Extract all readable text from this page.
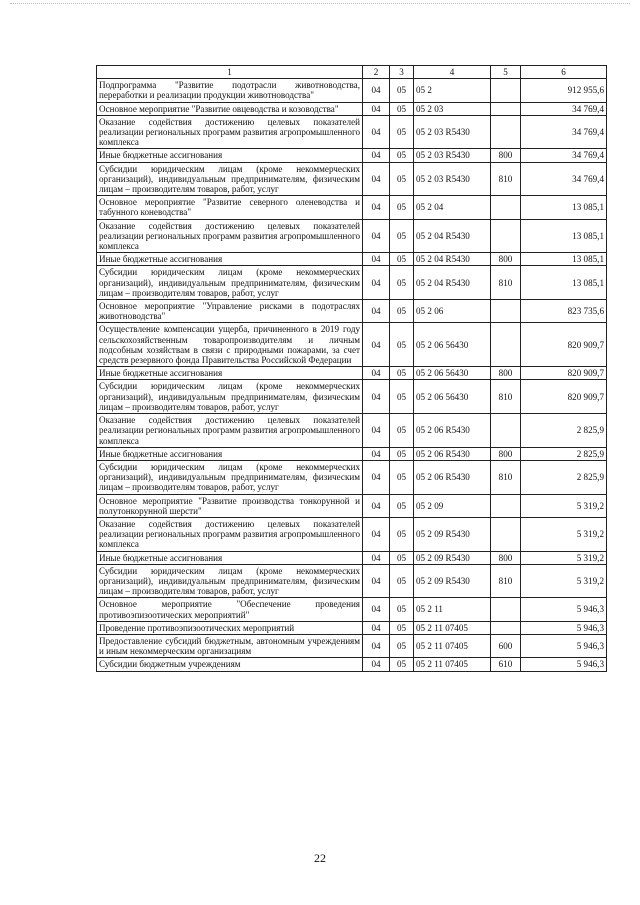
1	2	3	4	5	6
Подпрограмма "Развитие подотрасли животноводства, переработки и реализации продукции животноводства"	04	05	05 2		912 955,6
Основное мероприятие "Развитие овцеводства и козоводства"	04	05	05 2 03		34 769,4
Оказание содействия достижению целевых показателей реализации региональных программ развития агропромышленного комплекса	04	05	05 2 03 R5430		34 769,4
Иные бюджетные ассигнования	04	05	05 2 03 R5430	800	34 769,4
Субсидии юридическим лицам (кроме некоммерческих организаций), индивидуальным предпринимателям, физическим лицам – производителям товаров, работ, услуг	04	05	05 2 03 R5430	810	34 769,4
Основное мероприятие "Развитие северного оленеводства и табунного коневодства"	04	05	05 2 04		13 085,1
Оказание содействия достижению целевых показателей реализации региональных программ развития агропромышленного комплекса	04	05	05 2 04 R5430		13 085,1
Иные бюджетные ассигнования	04	05	05 2 04 R5430	800	13 085,1
Субсидии юридическим лицам (кроме некоммерческих организаций), индивидуальным предпринимателям, физическим лицам – производителям товаров, работ, услуг	04	05	05 2 04 R5430	810	13 085,1
Основное мероприятие "Управление рисками в подотраслях животноводства"	04	05	05 2 06		823 735,6
Осуществление компенсации ущерба, причиненного в 2019 году сельскохозяйственным товаропроизводителям и личным подсобным хозяйствам в связи с природными пожарами, за счет средств резервного фонда Правительства Российской Федерации	04	05	05 2 06 56430		820 909,7
Иные бюджетные ассигнования	04	05	05 2 06 56430	800	820 909,7
Субсидии юридическим лицам (кроме некоммерческих организаций), индивидуальным предпринимателям, физическим лицам – производителям товаров, работ, услуг	04	05	05 2 06 56430	810	820 909,7
Оказание содействия достижению целевых показателей реализации региональных программ развития агропромышленного комплекса	04	05	05 2 06 R5430		2 825,9
Иные бюджетные ассигнования	04	05	05 2 06 R5430	800	2 825,9
Субсидии юридическим лицам (кроме некоммерческих организаций), индивидуальным предпринимателям, физическим лицам – производителям товаров, работ, услуг	04	05	05 2 06 R5430	810	2 825,9
Основное мероприятие "Развитие производства тонкорунной и полутонкорунной шерсти"	04	05	05 2 09		5 319,2
Оказание содействия достижению целевых показателей реализации региональных программ развития агропромышленного комплекса	04	05	05 2 09 R5430		5 319,2
Иные бюджетные ассигнования	04	05	05 2 09 R5430	800	5 319,2
Субсидии юридическим лицам (кроме некоммерческих организаций), индивидуальным предпринимателям, физическим лицам – производителям товаров, работ, услуг	04	05	05 2 09 R5430	810	5 319,2
Основное мероприятие "Обеспечение проведения противоэпизоотических мероприятий"	04	05	05 2 11		5 946,3
Проведение противоэпизоотических мероприятий	04	05	05 2 11 07405		5 946,3
Предоставление субсидий бюджетным, автономным учреждениям и иным некоммерческим организациям	04	05	05 2 11 07405	600	5 946,3
Субсидии бюджетным учреждениям	04	05	05 2 11 07405	610	5 946,3
22
